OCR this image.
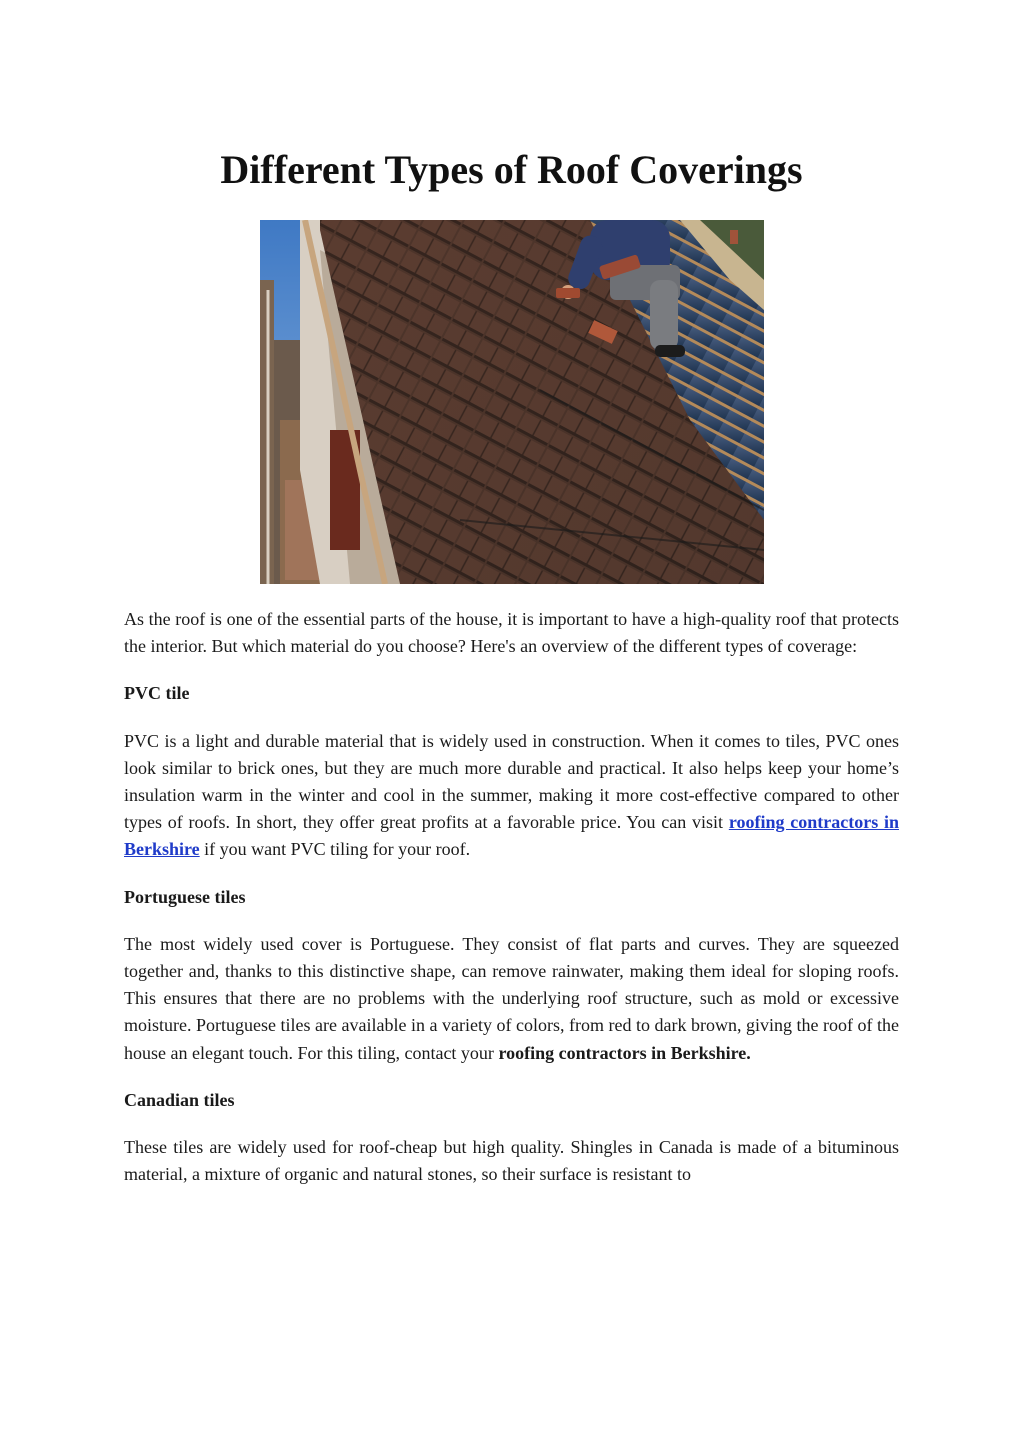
Different Types of Roof Coverings

As the roof is one of the essential parts of the house, it is important to have a high-quality roof that protects the interior. But which material do you choose? Here's an overview of the different types of coverage:

PVC tile

PVC is a light and durable material that is widely used in construction. When it comes to tiles, PVC ones look similar to brick ones, but they are much more durable and practical. It also helps keep your home’s insulation warm in the winter and cool in the summer, making it more cost-effective compared to other types of roofs. In short, they offer great profits at a favorable price. You can visit roofing contractors in Berkshire if you want PVC tiling for your roof.

Portuguese tiles

The most widely used cover is Portuguese. They consist of flat parts and curves. They are squeezed together and, thanks to this distinctive shape, can remove rainwater, making them ideal for sloping roofs. This ensures that there are no problems with the underlying roof structure, such as mold or excessive moisture. Portuguese tiles are available in a variety of colors, from red to dark brown, giving the roof of the house an elegant touch. For this tiling, contact your roofing contractors in Berkshire.

Canadian tiles

These tiles are widely used for roof-cheap but high quality. Shingles in Canada is made of a bituminous material, a mixture of organic and natural stones, so their surface is resistant to
